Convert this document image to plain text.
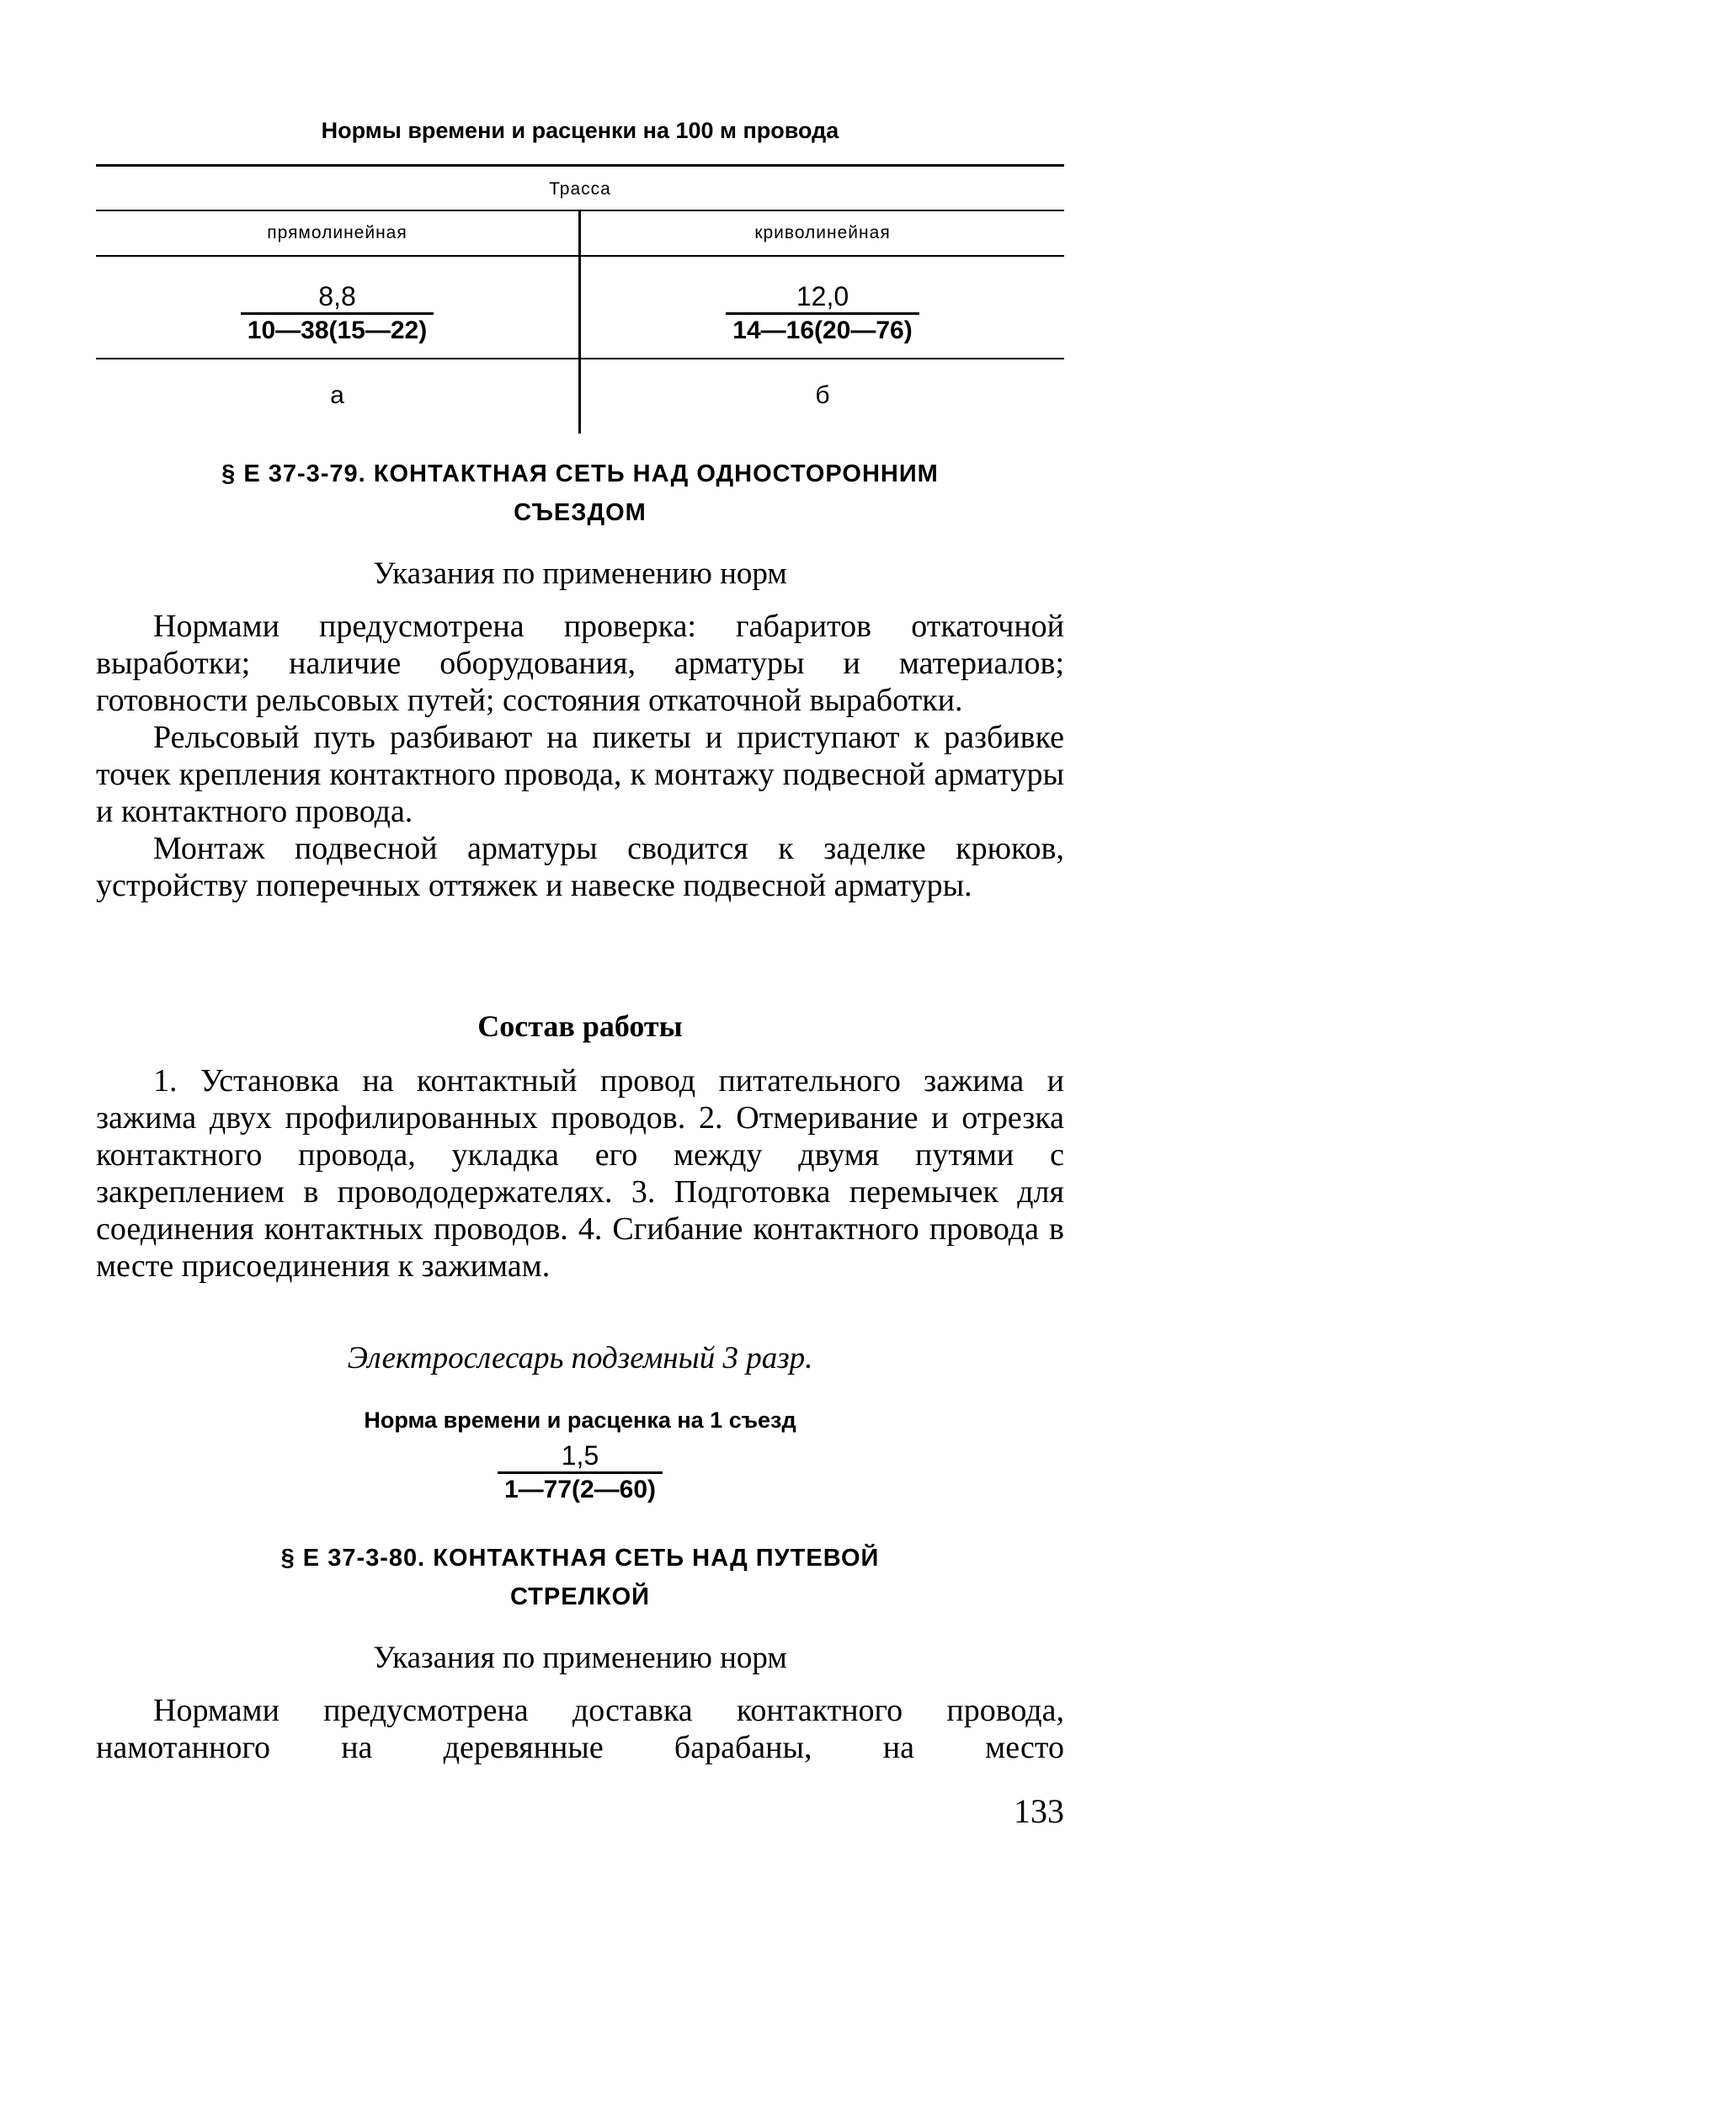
Нормы времени и расценки на 100 м провода
Трасса
прямолинейная	криволинейная
$\frac{8,8}{10—38(15—22)}$	$\frac{12,0}{14—16(20—76)}$
а	б
§ Е 37-3-79. КОНТАКТНАЯ СЕТЬ НАД ОДНОСТОРОННИМ
СЪЕЗДОМ
Указания по применению норм

Нормами предусмотрена проверка: габаритов откаточной выработки; наличие оборудования, арматуры и материалов; готовности рельсовых путей; состояния откаточной выработки.

Рельсовый путь разбивают на пикеты и приступают к разбивке точек крепления контактного провода, к монтажу подвесной арматуры и контактного провода.

Монтаж подвесной арматуры сводится к заделке крюков, устройству поперечных оттяжек и навеске подвесной арматуры.

Состав работы

1. Установка на контактный провод питательного зажима и зажима двух профилированных проводов. 2. Отмеривание и отрезка контактного провода, укладка его между двумя путями с закреплением в провододержателях. 3. Подготовка перемычек для соединения контактных проводов. 4. Сгибание контактного провода в месте присоединения к зажимам.

Электрослесарь подземный 3 разр.
Норма времени и расценка на 1 съезд
$\frac{1,5}{1—77(2—60)}$
§ Е 37-3-80. КОНТАКТНАЯ СЕТЬ НАД ПУТЕВОЙ
СТРЕЛКОЙ
Указания по применению норм

Нормами предусмотрена доставка контактного провода, намотанного на деревянные барабаны, на место

133
